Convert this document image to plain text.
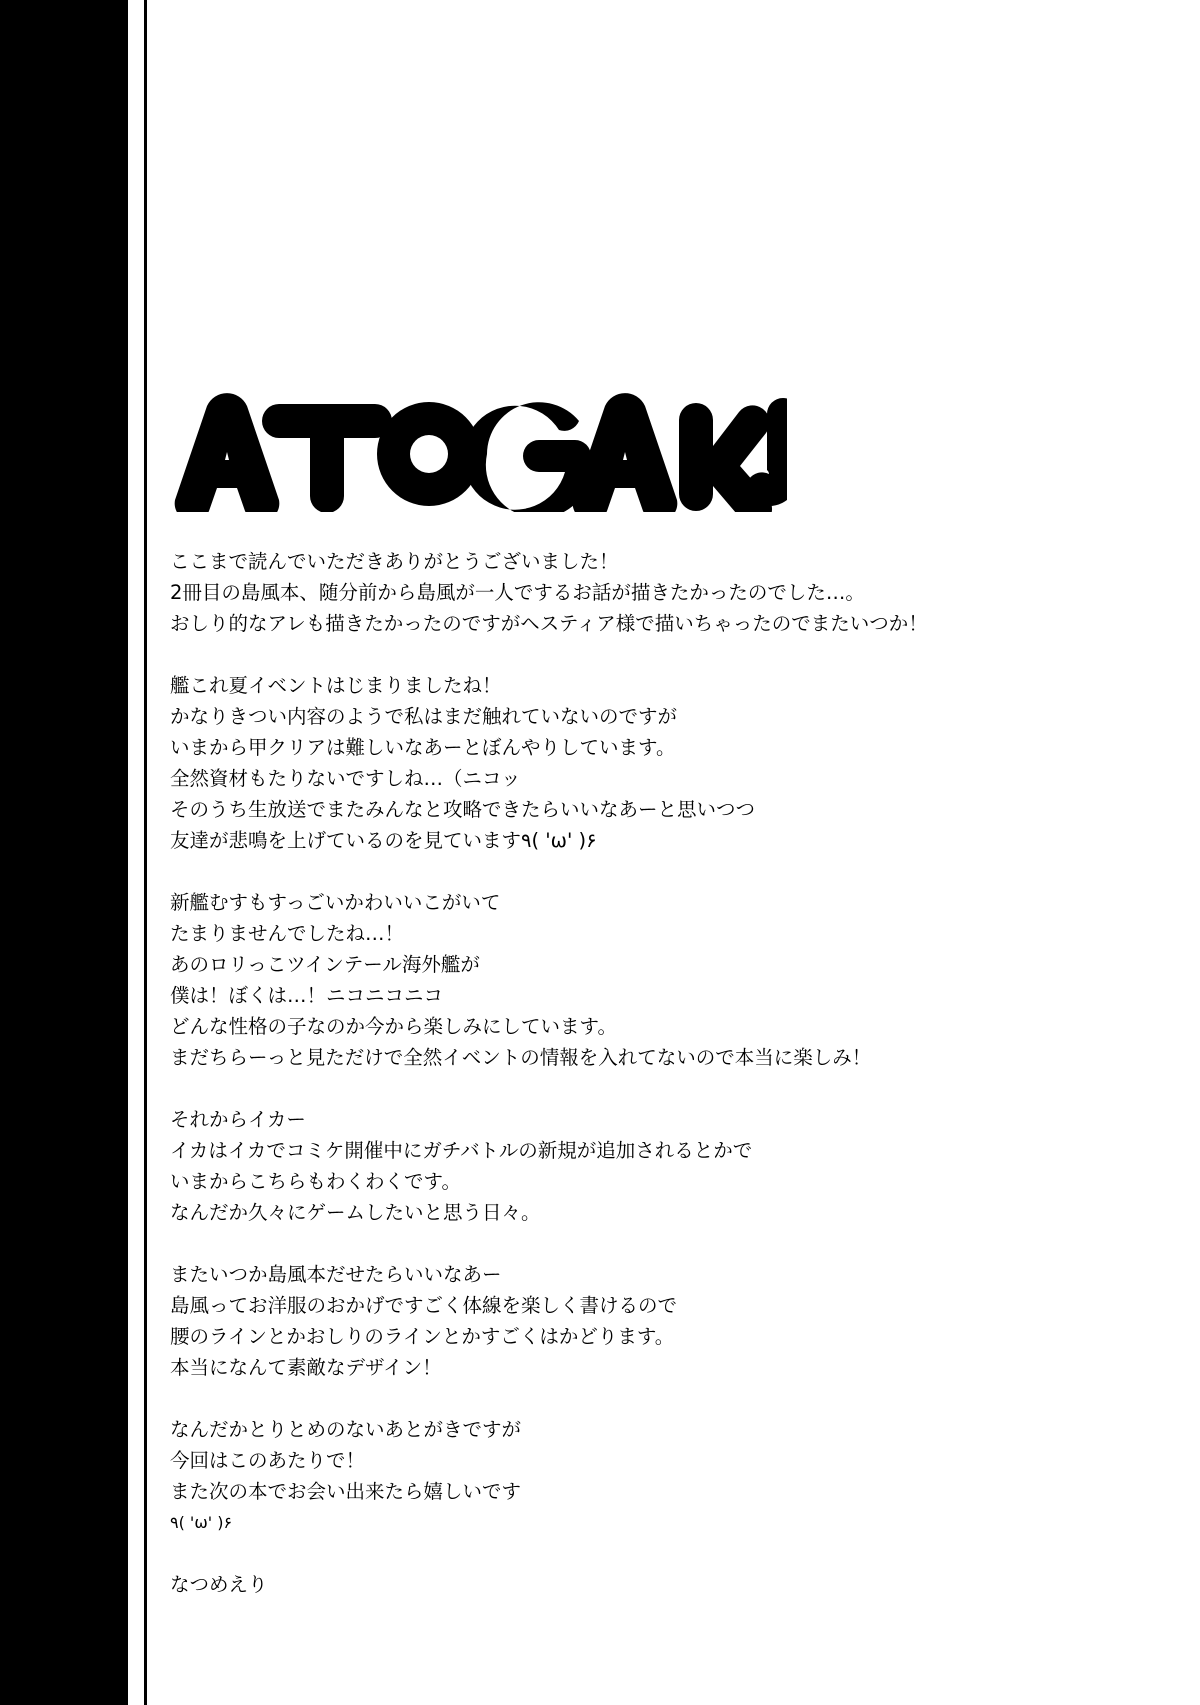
ここまで読んでいただきありがとうございました！
2冊目の島風本、随分前から島風が一人でするお話が描きたかったのでした…。
おしり的なアレも描きたかったのですがヘスティア様で描いちゃったのでまたいつか！
艦これ夏イベントはじまりましたね！
かなりきつい内容のようで私はまだ触れていないのですが
いまから甲クリアは難しいなあーとぼんやりしています。
全然資材もたりないですしね…（ニコッ
そのうち生放送でまたみんなと攻略できたらいいなあーと思いつつ
友達が悲鳴を上げているのを見ています٩( 'ω' )۶
新艦むすもすっごいかわいいこがいて
たまりませんでしたね…！
あのロリっこツインテール海外艦が
僕は！ぼくは…！ニコニコニコ
どんな性格の子なのか今から楽しみにしています。
まだちらーっと見ただけで全然イベントの情報を入れてないので本当に楽しみ！
それからイカー
イカはイカでコミケ開催中にガチバトルの新規が追加されるとかで
いまからこちらもわくわくです。
なんだか久々にゲームしたいと思う日々。
またいつか島風本だせたらいいなあー
島風ってお洋服のおかげですごく体線を楽しく書けるので
腰のラインとかおしりのラインとかすごくはかどります。
本当になんて素敵なデザイン！
なんだかとりとめのないあとがきですが
今回はこのあたりで！
また次の本でお会い出来たら嬉しいです
٩( 'ω' )۶
なつめえり
